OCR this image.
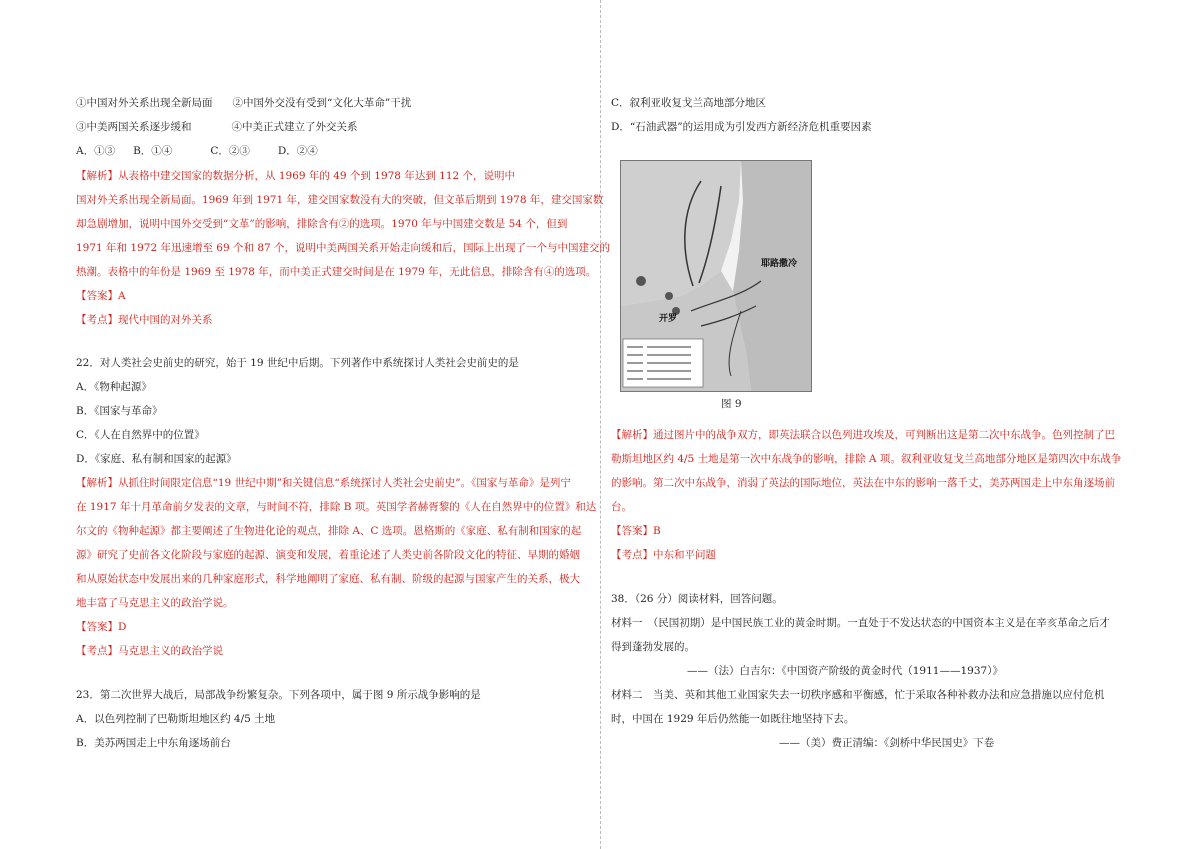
①中国对外关系出现全新局面 ②中国外交没有受到“文化大革命”干扰
③中美两国关系逐步缓和	④中美正式建立了外交关系
A．①③ B．①④	C．②③	D．②④
【解析】从表格中建交国家的数据分析，从 1969 年的 49 个到 1978 年达到 112 个，说明中
国对外关系出现全新局面。1969 年到 1971 年，建交国家数没有大的突破，但文革后期到 1978 年，建交国家数
却急剧增加，说明中国外交受到“文革”的影响，排除含有②的选项。1970 年与中国建交数是 54 个，但到
1971 年和 1972 年迅速增至 69 个和 87 个，说明中美两国关系开始走向缓和后，国际上出现了一个与中国建交的
热潮。表格中的年份是 1969 至 1978 年，而中美正式建交时间是在 1979 年，无此信息，排除含有④的选项。
【答案】A
【考点】现代中国的对外关系
22．对人类社会史前史的研究，始于 19 世纪中后期。下列著作中系统探讨人类社会史前史的是
A．《物种起源》
B．《国家与革命》
C．《人在自然界中的位置》
D．《家庭、私有制和国家的起源》
【解析】从抓住时间限定信息“19 世纪中期”和关键信息“系统探讨人类社会史前史”。《国家与革命》是列宁
在 1917 年十月革命前夕发表的文章，与时间不符，排除 B 项。英国学者赫胥黎的《人在自然界中的位置》和达
尔文的《物种起源》都主要阐述了生物进化论的观点，排除 A、C 选项。恩格斯的《家庭、私有制和国家的起
源》研究了史前各文化阶段与家庭的起源、演变和发展，着重论述了人类史前各阶段文化的特征、早期的婚姻
和从原始状态中发展出来的几种家庭形式，科学地阐明了家庭、私有制、阶级的起源与国家产生的关系，极大
地丰富了马克思主义的政治学说。
【答案】D
【考点】马克思主义的政治学说
23．第二次世界大战后，局部战争纷繁复杂。下列各项中，属于图 9 所示战争影响的是
A．以色列控制了巴勒斯坦地区约 4/5 土地
B．美苏两国走上中东角逐场前台
C．叙利亚收复戈兰高地部分地区
D．“石油武器”的运用成为引发西方新经济危机重要因素
耶路撒冷
开罗
图 9
【解析】通过图片中的战争双方，即英法联合以色列进攻埃及，可判断出这是第二次中东战争。色列控制了巴
勒斯坦地区约 4/5 土地是第一次中东战争的影响，排除 A 项。叙利亚收复戈兰高地部分地区是第四次中东战争
的影响。第二次中东战争，消弱了英法的国际地位，英法在中东的影响一落千丈，美苏两国走上中东角逐场前
台。
【答案】B
【考点】中东和平问题
38．（26 分）阅读材料，回答问题。
材料一　（民国初期）是中国民族工业的黄金时期。一直处于不发达状态的中国资本主义是在辛亥革命之后才
得到蓬勃发展的。
——（法）白吉尔：《中国资产阶级的黄金时代（1911——1937）》
材料二　当美、英和其他工业国家失去一切秩序感和平衡感，忙于采取各种补救办法和应急措施以应付危机
时，中国在 1929 年后仍然能一如既往地坚持下去。
——（美）费正清编：《剑桥中华民国史》下卷
